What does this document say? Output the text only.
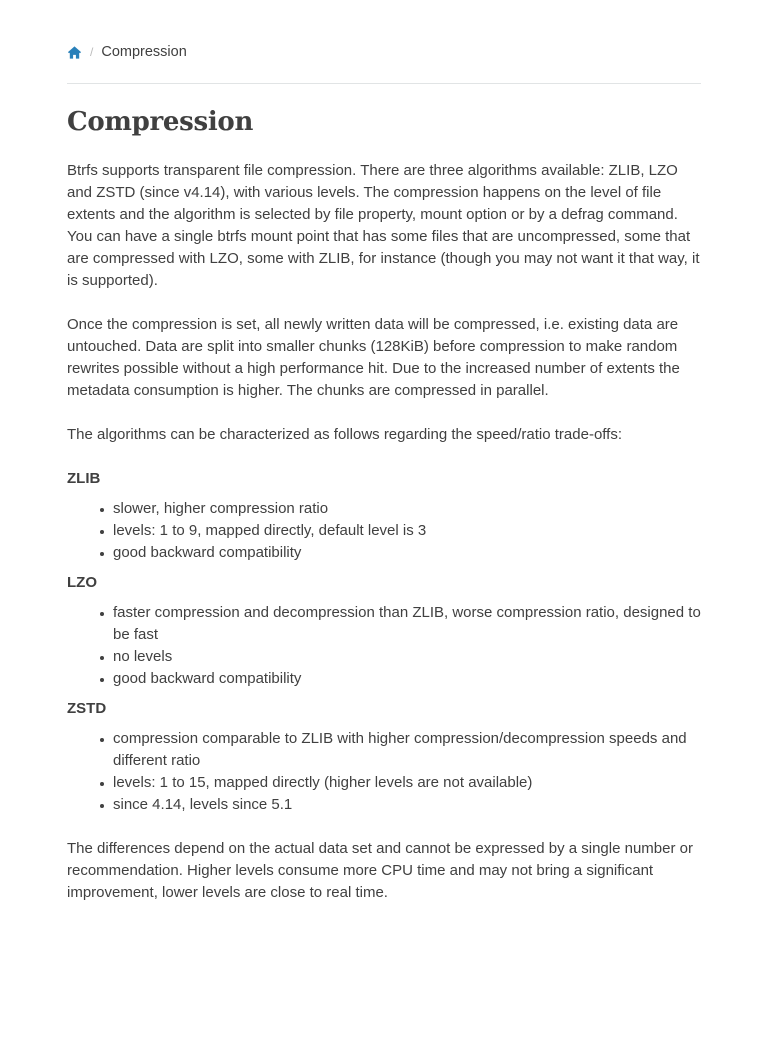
/ Compression
Compression

Btrfs supports transparent file compression. There are three algorithms available: ZLIB, LZO and ZSTD (since v4.14), with various levels. The compression happens on the level of file extents and the algorithm is selected by file property, mount option or by a defrag command. You can have a single btrfs mount point that has some files that are uncompressed, some that are compressed with LZO, some with ZLIB, for instance (though you may not want it that way, it is supported).

Once the compression is set, all newly written data will be compressed, i.e. existing data are untouched. Data are split into smaller chunks (128KiB) before compression to make random rewrites possible without a high performance hit. Due to the increased number of extents the metadata consumption is higher. The chunks are compressed in parallel.

The algorithms can be characterized as follows regarding the speed/ratio trade-offs:

ZLIB
slower, higher compression ratio
levels: 1 to 9, mapped directly, default level is 3
good backward compatibility
LZO
faster compression and decompression than ZLIB, worse compression ratio, designed to be fast
no levels
good backward compatibility
ZSTD
compression comparable to ZLIB with higher compression/decompression speeds and different ratio
levels: 1 to 15, mapped directly (higher levels are not available)
since 4.14, levels since 5.1

The differences depend on the actual data set and cannot be expressed by a single number or recommendation. Higher levels consume more CPU time and may not bring a significant improvement, lower levels are close to real time.
